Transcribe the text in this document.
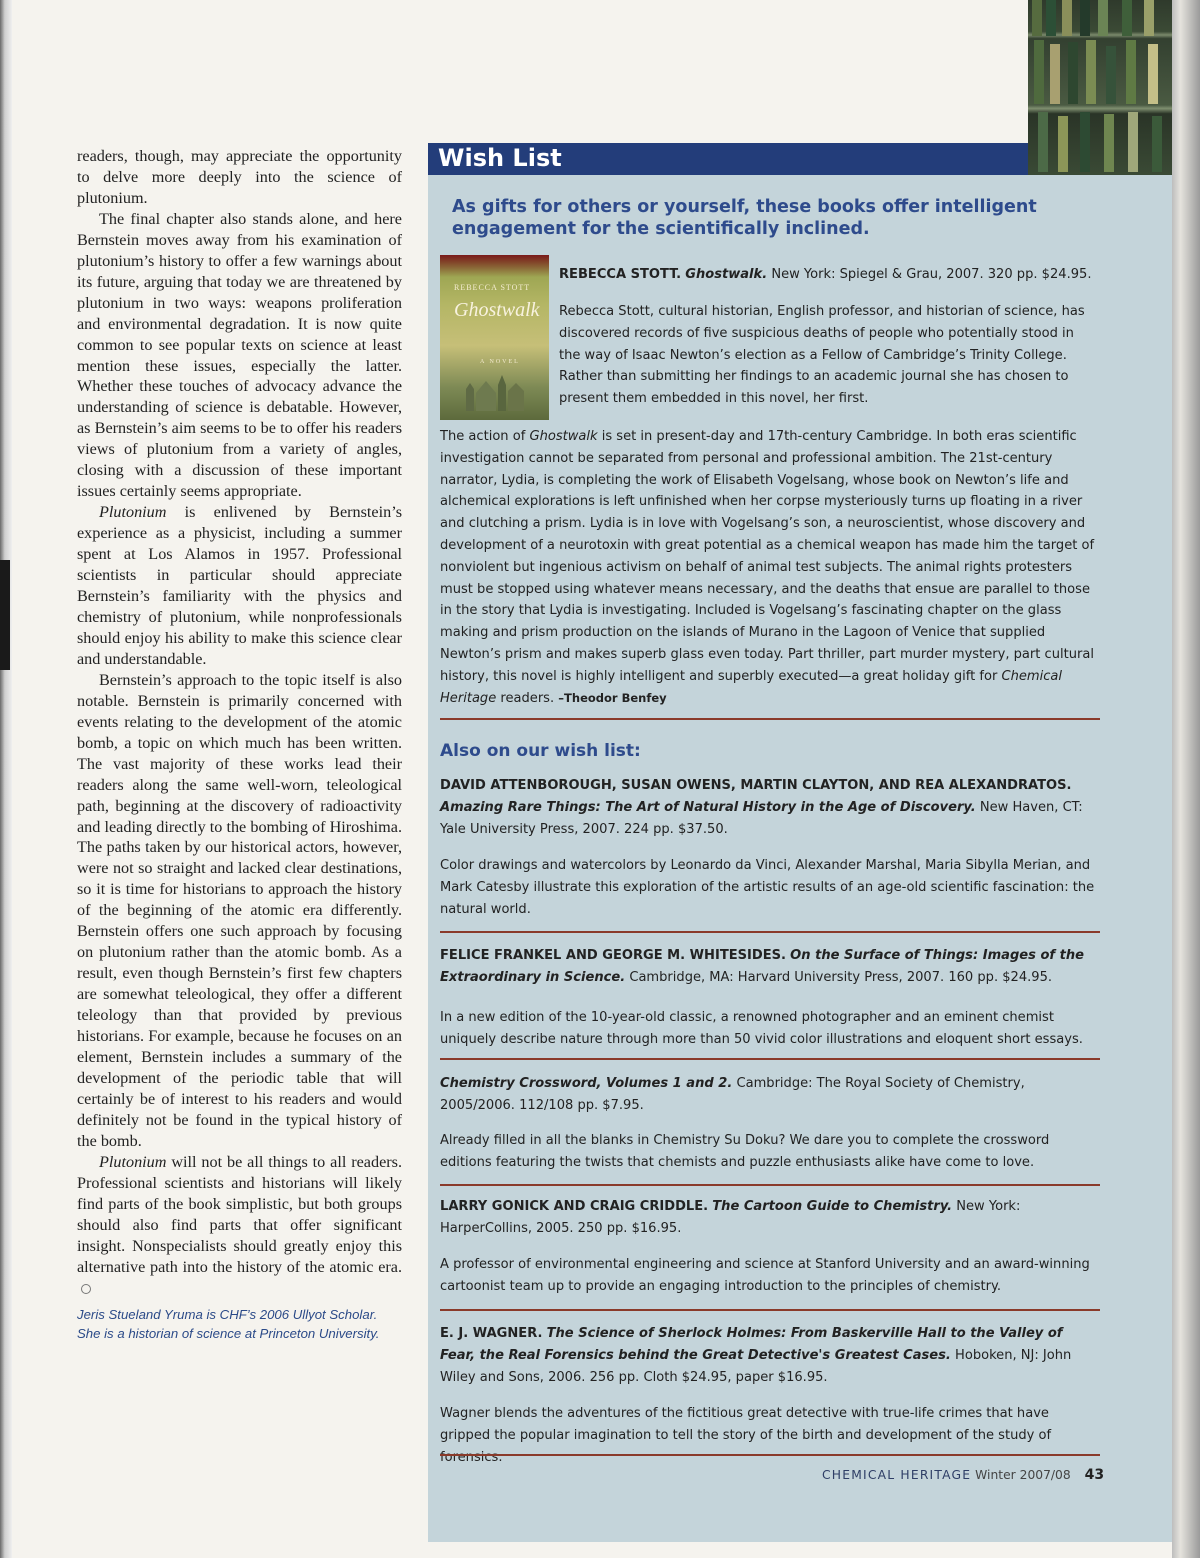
readers, though, may appreciate the opportunity to delve more deeply into the science of plutonium.

The final chapter also stands alone, and here Bernstein moves away from his examination of plutonium’s history to offer a few warnings about its future, arguing that today we are threatened by plutonium in two ways: weapons proliferation and environmental degradation. It is now quite common to see popular texts on science at least mention these issues, especially the latter. Whether these touches of advocacy advance the understanding of science is debatable. However, as Bernstein’s aim seems to be to offer his readers views of plutonium from a variety of angles, closing with a discussion of these important issues certainly seems appropriate.

Plutonium is enlivened by Bernstein’s experience as a physicist, including a summer spent at Los Alamos in 1957. Professional scientists in particular should appreciate Bernstein’s familiarity with the physics and chemistry of plutonium, while nonprofessionals should enjoy his ability to make this science clear and understandable.

Bernstein’s approach to the topic itself is also notable. Bernstein is primarily concerned with events relating to the development of the atomic bomb, a topic on which much has been written. The vast majority of these works lead their readers along the same well-worn, teleological path, beginning at the discovery of radioactivity and leading directly to the bombing of Hiroshima. The paths taken by our historical actors, however, were not so straight and lacked clear destinations, so it is time for historians to approach the history of the beginning of the atomic era differently. Bernstein offers one such approach by focusing on plutonium rather than the atomic bomb. As a result, even though Bernstein’s first few chapters are somewhat teleological, they offer a different teleology than that provided by previous historians. For example, because he focuses on an element, Bernstein includes a summary of the development of the periodic table that will certainly be of interest to his readers and would definitely not be found in the typical history of the bomb.

Plutonium will not be all things to all readers. Professional scientists and historians will likely find parts of the book simplistic, but both groups should also find parts that offer significant insight. Nonspecialists should greatly enjoy this alternative path into the history of the atomic era.

Jeris Stueland Yruma is CHF’s 2006 Ullyot Scholar.
She is a historian of science at Princeton University.
Wish List

As gifts for others or yourself, these books offer intelligent engagement for the scientifically inclined.

REBECCA STOTT
Ghostwalk
A NOVEL

REBECCA STOTT. Ghostwalk. New York: Spiegel & Grau, 2007. 320 pp. $24.95.

Rebecca Stott, cultural historian, English professor, and historian of science, has discovered records of five suspicious deaths of people who potentially stood in the way of Isaac Newton’s election as a Fellow of Cambridge’s Trinity College. Rather than submitting her findings to an academic journal she has chosen to present them embedded in this novel, her first.

The action of Ghostwalk is set in present-day and 17th-century Cambridge. In both eras scientific investigation cannot be separated from personal and professional ambition. The 21st-century narrator, Lydia, is completing the work of Elisabeth Vogelsang, whose book on Newton’s life and alchemical explorations is left unfinished when her corpse mysteriously turns up floating in a river and clutching a prism. Lydia is in love with Vogelsang’s son, a neuroscientist, whose discovery and development of a neurotoxin with great potential as a chemical weapon has made him the target of nonviolent but ingenious activism on behalf of animal test subjects. The animal rights protesters must be stopped using whatever means necessary, and the deaths that ensue are parallel to those in the story that Lydia is investigating. Included is Vogelsang’s fascinating chapter on the glass making and prism production on the islands of Murano in the Lagoon of Venice that supplied Newton’s prism and makes superb glass even today. Part thriller, part murder mystery, part cultural history, this novel is highly intelligent and superbly executed—a great holiday gift for Chemical Heritage readers. –Theodor Benfey

Also on our wish list:

DAVID ATTENBOROUGH, SUSAN OWENS, MARTIN CLAYTON, AND REA ALEXANDRATOS.
Amazing Rare Things: The Art of Natural History in the Age of Discovery. New Haven, CT: Yale University Press, 2007. 224 pp. $37.50.

Color drawings and watercolors by Leonardo da Vinci, Alexander Marshal, Maria Sibylla Merian, and Mark Catesby illustrate this exploration of the artistic results of an age-old scientific fascination: the natural world.

FELICE FRANKEL AND GEORGE M. WHITESIDES. On the Surface of Things: Images of the Extraordinary in Science. Cambridge, MA: Harvard University Press, 2007. 160 pp. $24.95.

In a new edition of the 10-year-old classic, a renowned photographer and an eminent chemist uniquely describe nature through more than 50 vivid color illustrations and eloquent short essays.

Chemistry Crossword, Volumes 1 and 2. Cambridge: The Royal Society of Chemistry, 2005/2006. 112/108 pp. $7.95.

Already filled in all the blanks in Chemistry Su Doku? We dare you to complete the crossword editions featuring the twists that chemists and puzzle enthusiasts alike have come to love.

LARRY GONICK AND CRAIG CRIDDLE. The Cartoon Guide to Chemistry. New York: HarperCollins, 2005. 250 pp. $16.95.

A professor of environmental engineering and science at Stanford University and an award-winning cartoonist team up to provide an engaging introduction to the principles of chemistry.

E. J. WAGNER. The Science of Sherlock Holmes: From Baskerville Hall to the Valley of Fear, the Real Forensics behind the Great Detective's Greatest Cases. Hoboken, NJ: John Wiley and Sons, 2006. 256 pp. Cloth $24.95, paper $16.95.

Wagner blends the adventures of the fictitious great detective with true-life crimes that have gripped the popular imagination to tell the story of the birth and development of the study of forensics.

CHEMICAL HERITAGE Winter 2007/08 43
